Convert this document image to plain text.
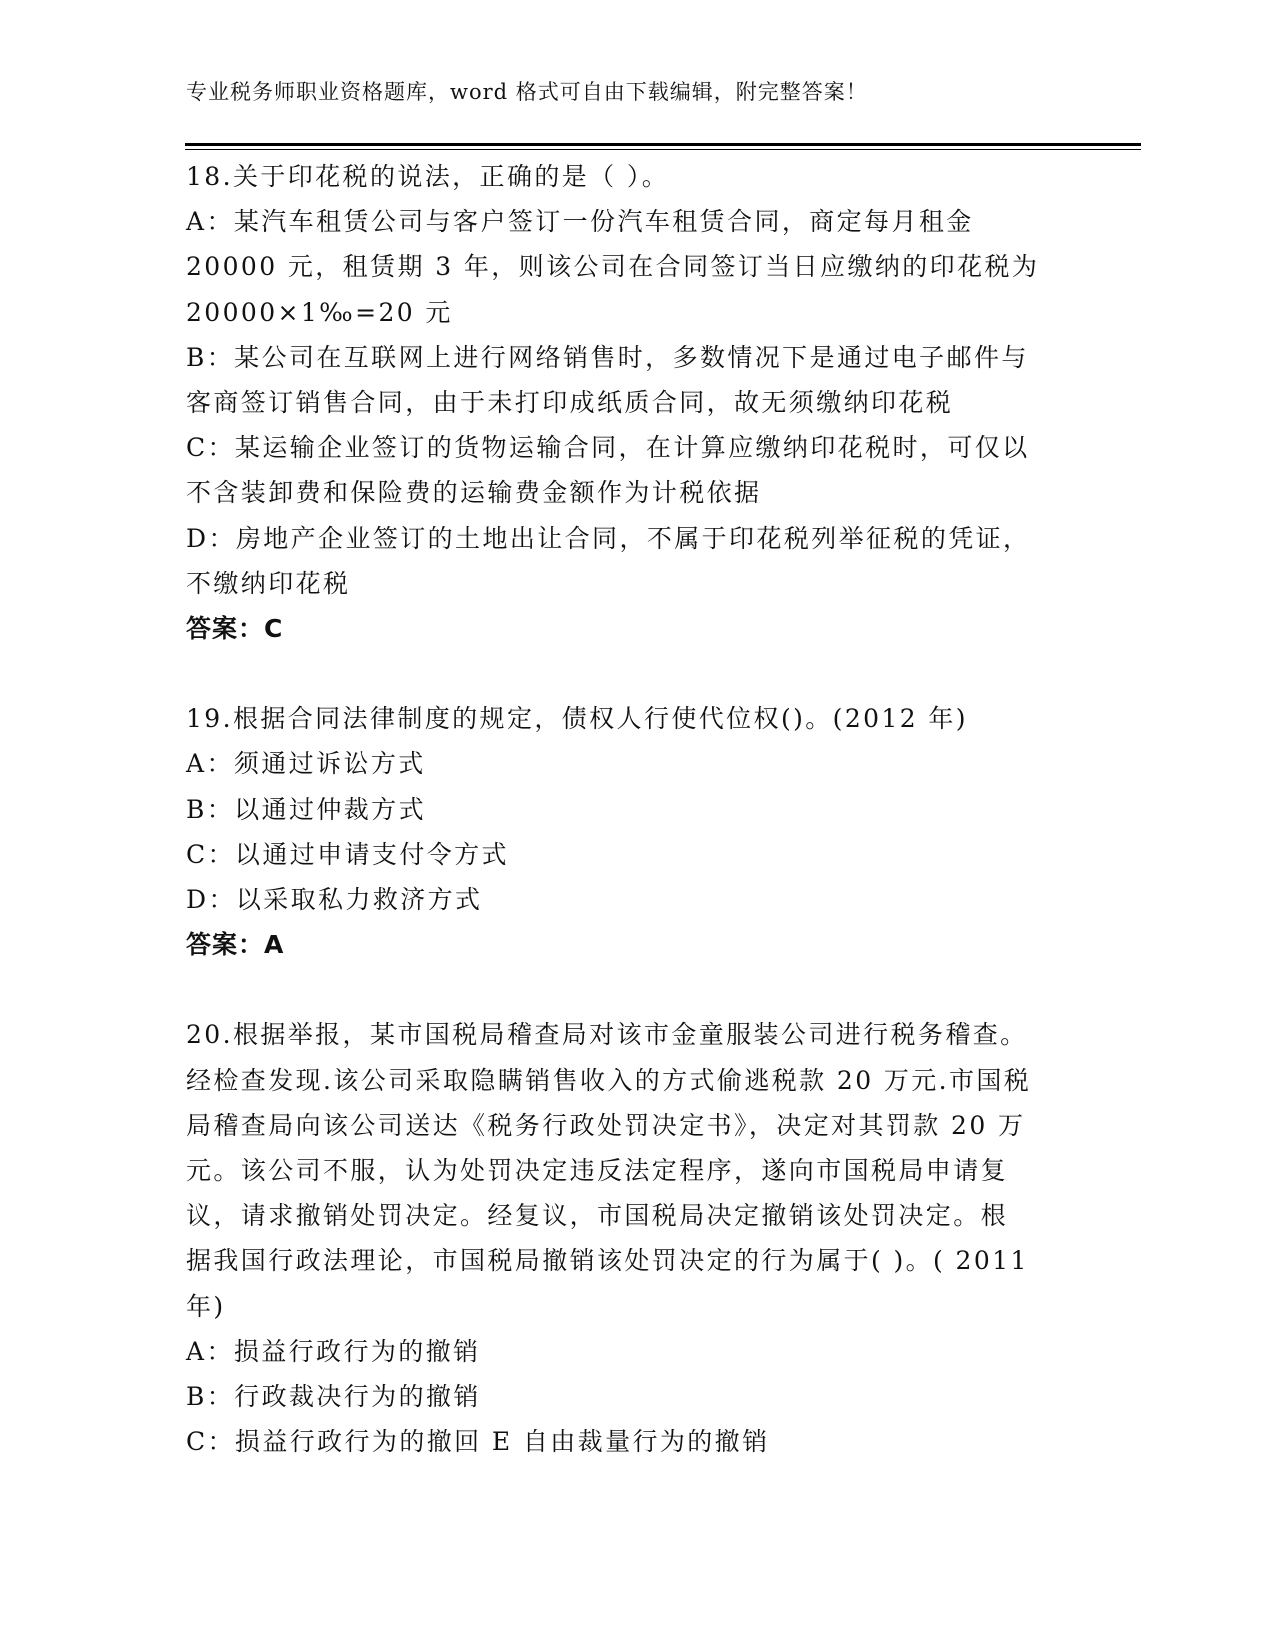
专业税务师职业资格题库，word 格式可自由下载编辑，附完整答案！
18.关于印花税的说法，正确的是（ ）。
A：某汽车租赁公司与客户签订一份汽车租赁合同，商定每月租金
20000 元，租赁期 3 年，则该公司在合同签订当日应缴纳的印花税为
20000×1‰=20 元
B：某公司在互联网上进行网络销售时，多数情况下是通过电子邮件与
客商签订销售合同，由于未打印成纸质合同，故无须缴纳印花税
C：某运输企业签订的货物运输合同，在计算应缴纳印花税时，可仅以
不含装卸费和保险费的运输费金额作为计税依据
D：房地产企业签订的土地出让合同，不属于印花税列举征税的凭证，
不缴纳印花税
答案：C
19.根据合同法律制度的规定，债权人行使代位权()。(2012 年)
A：须通过诉讼方式
B：以通过仲裁方式
C：以通过申请支付令方式
D：以采取私力救济方式
答案：A
20.根据举报，某市国税局稽查局对该市金童服装公司进行税务稽查。
经检查发现.该公司采取隐瞒销售收入的方式偷逃税款 20 万元.市国税
局稽查局向该公司送达《税务行政处罚决定书》，决定对其罚款 20 万
元。该公司不服，认为处罚决定违反法定程序，遂向市国税局申请复
议，请求撤销处罚决定。经复议，市国税局决定撤销该处罚决定。根
据我国行政法理论，市国税局撤销该处罚决定的行为属于( )。( 2011
年)
A：损益行政行为的撤销
B：行政裁决行为的撤销
C：损益行政行为的撤回 E 自由裁量行为的撤销
